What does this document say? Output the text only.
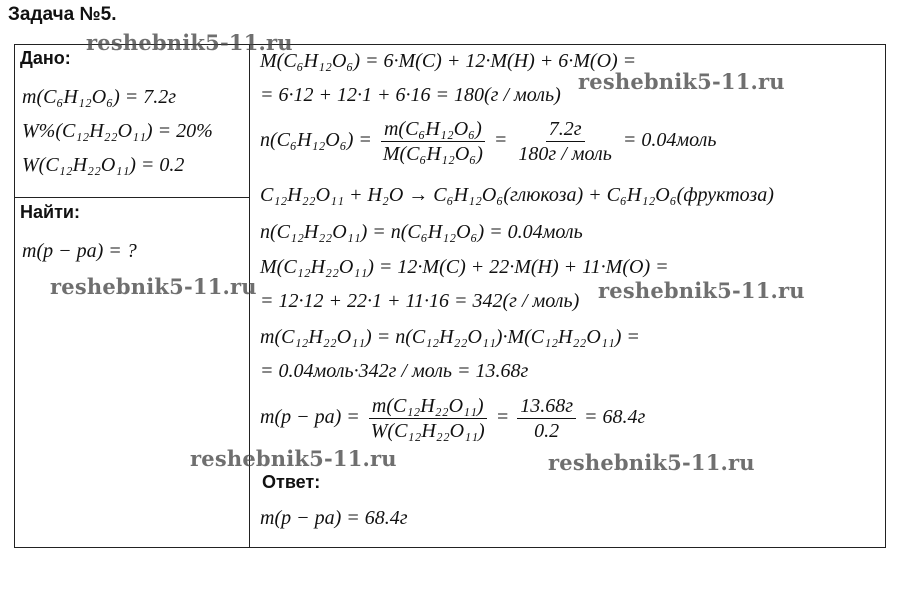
Задача №5.
Дано:
m(C₆H₁₂O₆) = 7.2г
W%(C₁₂H₂₂O₁₁) = 20%
W(C₁₂H₂₂O₁₁) = 0.2
Найти:
m(p − pa) = ?
M(C₆H₁₂O₆) = 6·M(C) + 12·M(H) + 6·M(O) =
= 6·12 + 12·1 + 6·16 = 180(г / моль)
$n(C_6H_{12}O_6) = \frac{\text{m(C₆H₁₂O₆)}}{\text{M(C₆H₁₂O₆)}} = \frac{7.2г}{\text{180г / моль}}$ = 0.04моль
C₁₂H₂₂O₁₁ + H₂O → C₆H₁₂O₆(глюкоза) + C₆H₁₂O₆(фруктоза)
n(C₁₂H₂₂O₁₁) = n(C₆H₁₂O₆) = 0.04моль
M(C₁₂H₂₂O₁₁) = 12·M(C) + 22·M(H) + 11·M(O) =
= 12·12 + 22·1 + 11·16 = 342(г / моль)
m(C₁₂H₂₂O₁₁) = n(C₁₂H₂₂O₁₁)·M(C₁₂H₂₂O₁₁) =
= 0.04моль·342г / моль = 13.68г
$m(p - pa) = \frac{\text{m(C₁₂H₂₂O₁₁)}}{\text{W(C₁₂H₂₂O₁₁)}} = \frac{13.68г}{0.2} = 68.4г$
Ответ:
m(p − pa) = 68.4г
reshebnik5-11.ru
reshebnik5-11.ru
reshebnik5-11.ru	reshebnik5-11.ru
reshebnik5-11.ru	reshebnik5-11.ru
